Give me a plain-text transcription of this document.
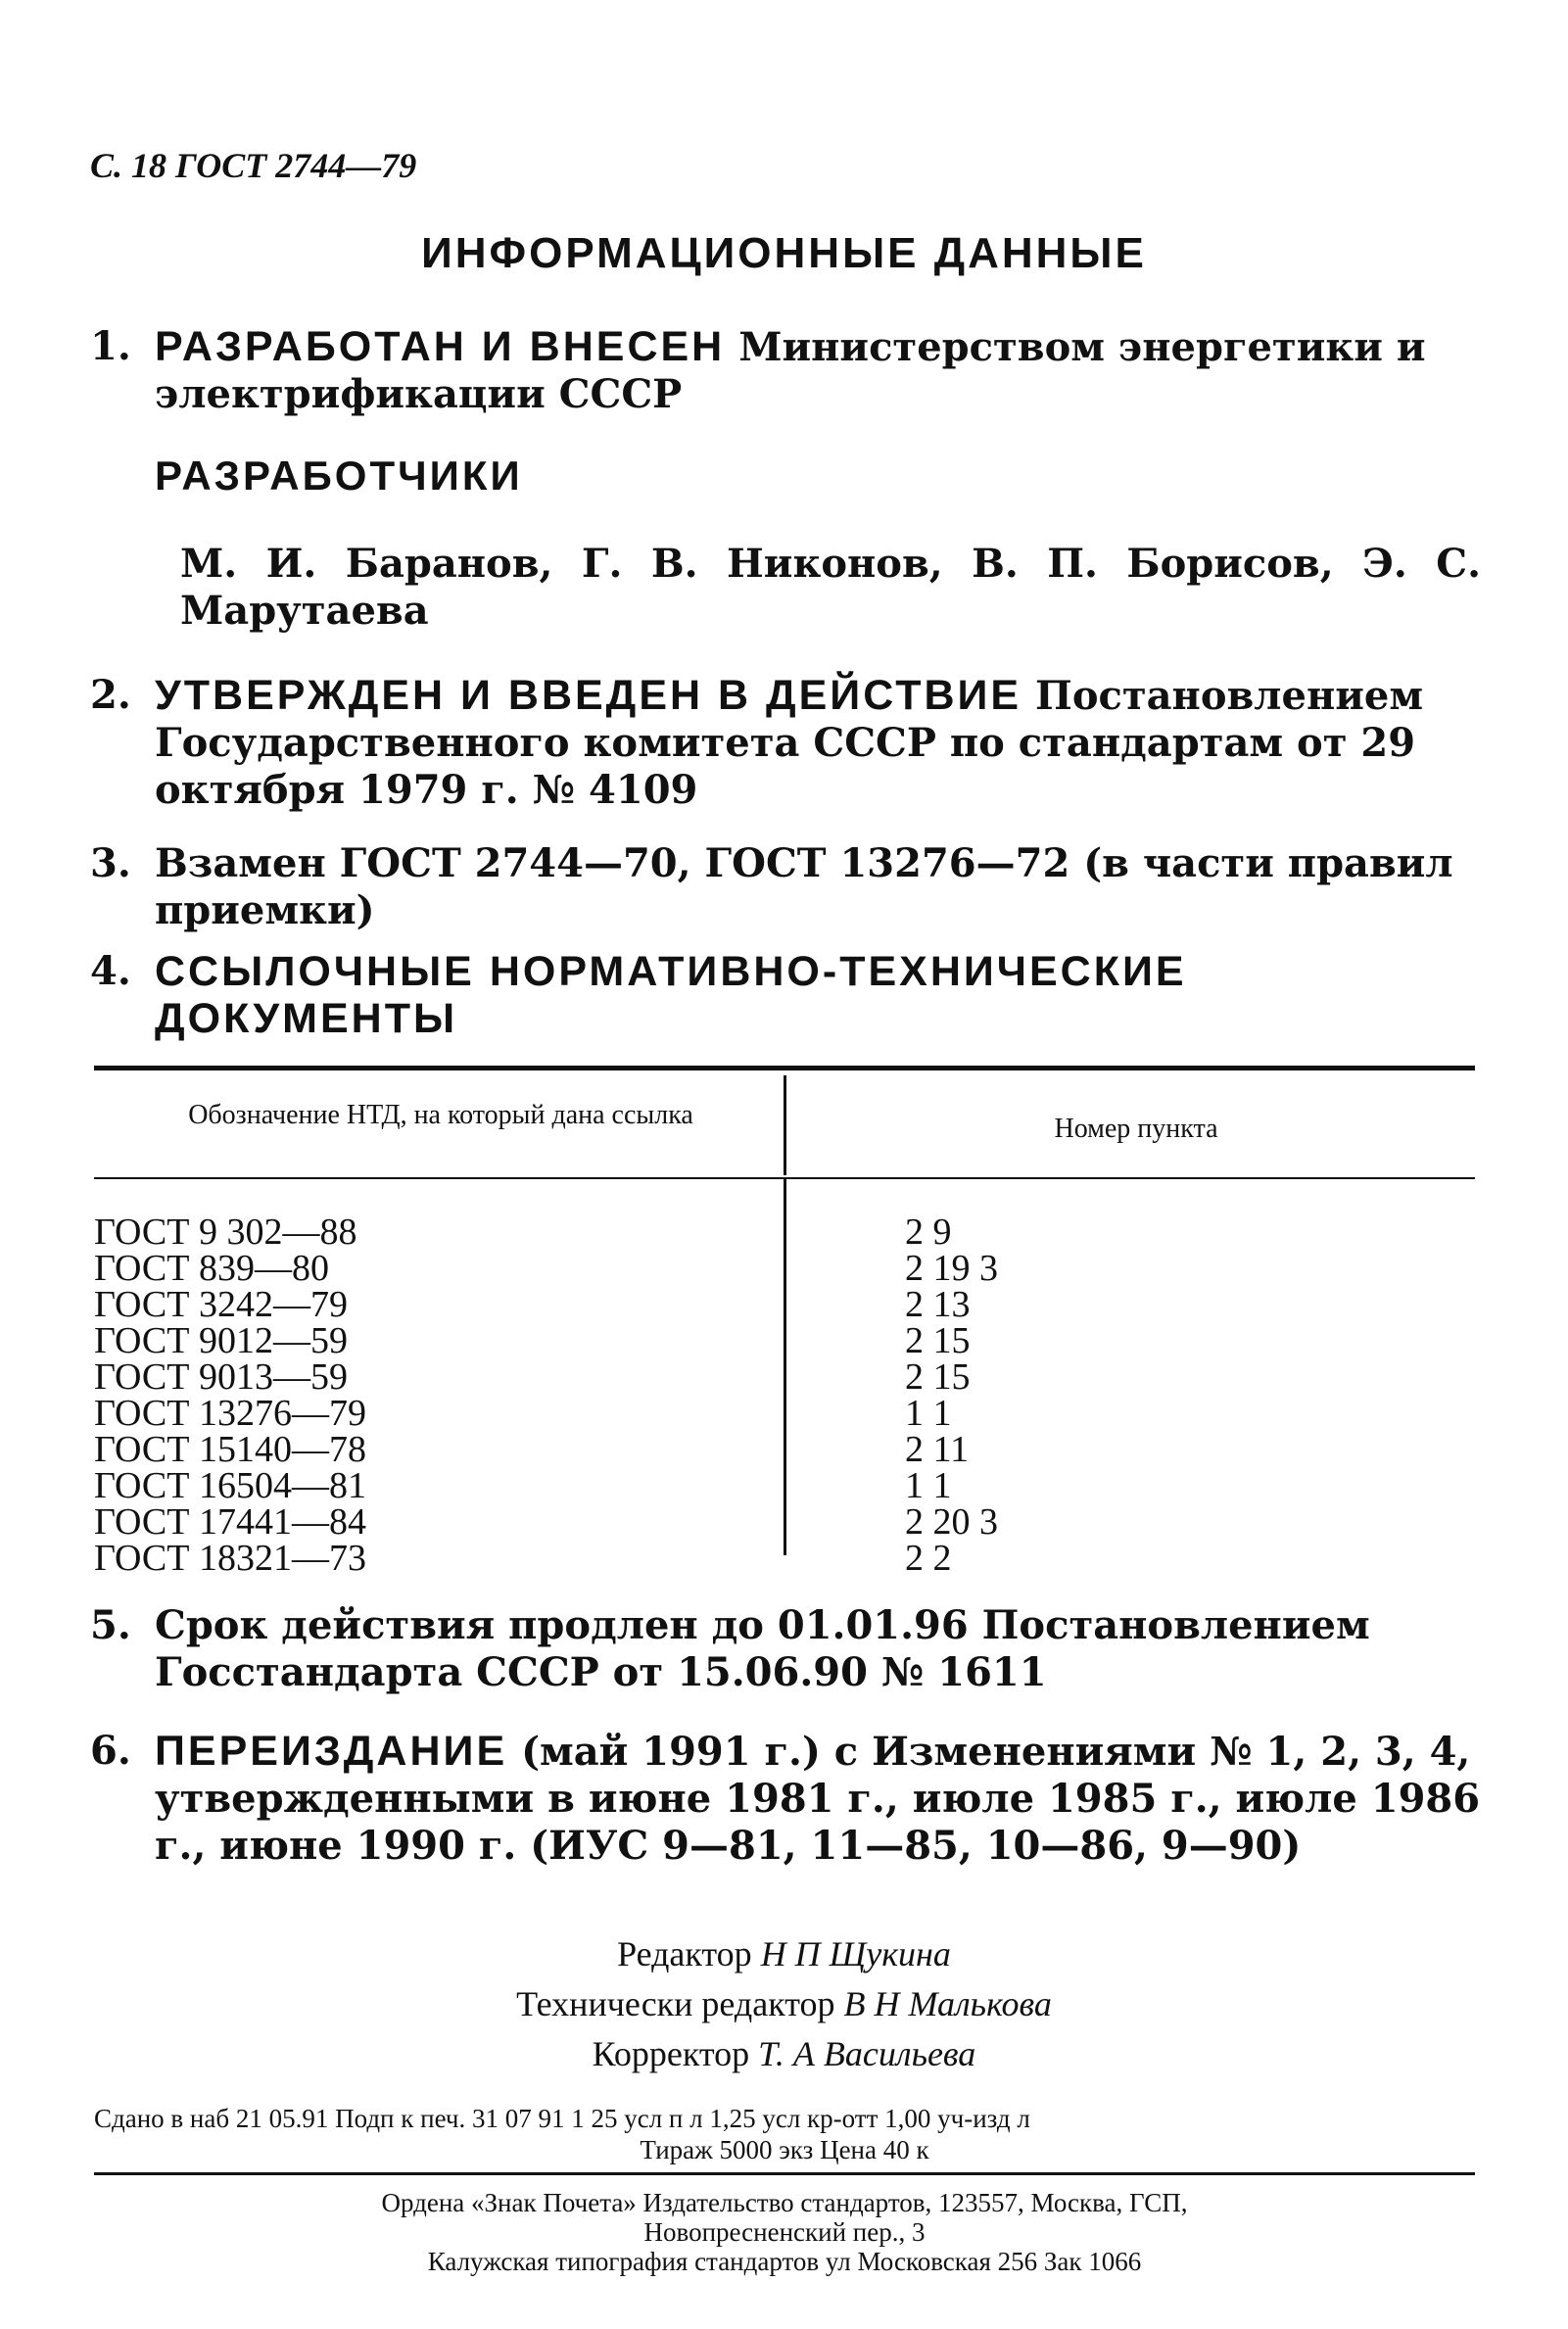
С. 18 ГОСТ 2744—79
ИНФОРМАЦИОННЫЕ ДАННЫЕ
1. РАЗРАБОТАН И ВНЕСЕН Министерством энергетики и электрификации СССР
РАЗРАБОТЧИКИ
М. И. Баранов, Г. В. Никонов, В. П. Борисов, Э. С. Марутаева
2. УТВЕРЖДЕН И ВВЕДЕН В ДЕЙСТВИЕ Постановлением Государственного комитета СССР по стандартам от 29 октября 1979 г. № 4109
3. Взамен ГОСТ 2744—70, ГОСТ 13276—72 (в части правил приемки)
4. ССЫЛОЧНЫЕ НОРМАТИВНО-ТЕХНИЧЕСКИЕ ДОКУМЕНТЫ
Обозначение НТД, на который дана ссылка	Номер пункта
ГОСТ 9 302—88	2 9
ГОСТ 839—80	2 19 3
ГОСТ 3242—79	2 13
ГОСТ 9012—59	2 15
ГОСТ 9013—59	2 15
ГОСТ 13276—79	1 1
ГОСТ 15140—78	2 11
ГОСТ 16504—81	1 1
ГОСТ 17441—84	2 20 3
ГОСТ 18321—73	2 2
5. Срок действия продлен до 01.01.96 Постановлением Госстандарта СССР от 15.06.90 № 1611
6. ПЕРЕИЗДАНИЕ (май 1991 г.) с Изменениями № 1, 2, 3, 4, утвержденными в июне 1981 г., июле 1985 г., июле 1986 г., июне 1990 г. (ИУС 9—81, 11—85, 10—86, 9—90)
Редактор Н П Щукина
Технически редактор В Н Малькова
Корректор Т. А Васильева
Сдано в наб 21 05.91 Подп к печ. 31 07 91 1 25 усл п л 1,25 усл кр-отт 1,00 уч-изд л
Тираж 5000 экз Цена 40 к
Ордена «Знак Почета» Издательство стандартов, 123557, Москва, ГСП,
Новопресненский пер., 3
Калужская типография стандартов ул Московская 256 Зак 1066
